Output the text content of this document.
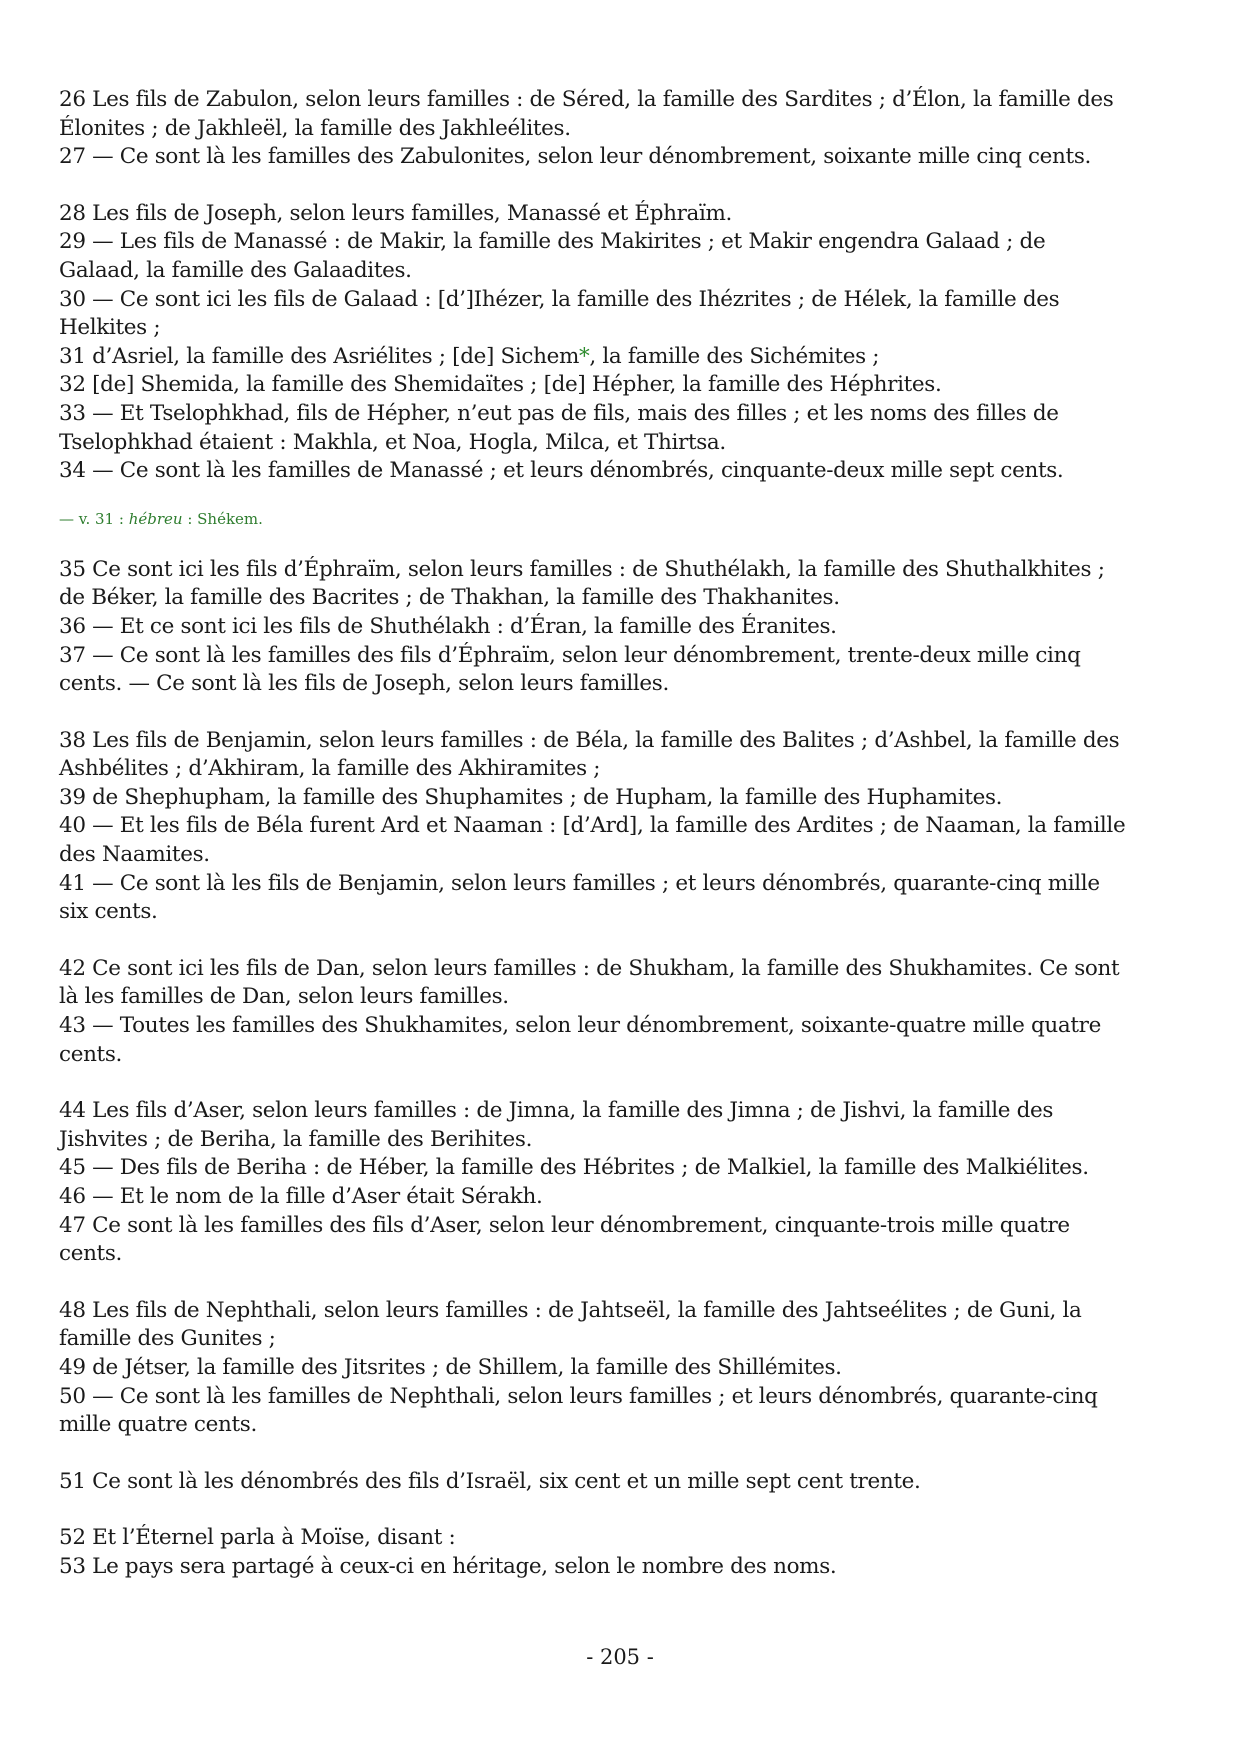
26 Les fils de Zabulon, selon leurs familles : de Séred, la famille des Sardites ; d’Élon, la famille des
Élonites ; de Jakhleël, la famille des Jakhleélites.
27 — Ce sont là les familles des Zabulonites, selon leur dénombrement, soixante mille cinq cents.
28 Les fils de Joseph, selon leurs familles, Manassé et Éphraïm.
29 — Les fils de Manassé : de Makir, la famille des Makirites ; et Makir engendra Galaad ; de
Galaad, la famille des Galaadites.
30 — Ce sont ici les fils de Galaad : [d’]Ihézer, la famille des Ihézrites ; de Hélek, la famille des
Helkites ;
31 d’Asriel, la famille des Asriélites ; [de] Sichem*, la famille des Sichémites ;
32 [de] Shemida, la famille des Shemidaïtes ; [de] Hépher, la famille des Héphrites.
33 — Et Tselophkhad, fils de Hépher, n’eut pas de fils, mais des filles ; et les noms des filles de
Tselophkhad étaient : Makhla, et Noa, Hogla, Milca, et Thirtsa.
34 — Ce sont là les familles de Manassé ; et leurs dénombrés, cinquante-deux mille sept cents.
— v. 31 : hébreu : Shékem.
35 Ce sont ici les fils d’Éphraïm, selon leurs familles : de Shuthélakh, la famille des Shuthalkhites ;
de Béker, la famille des Bacrites ; de Thakhan, la famille des Thakhanites.
36 — Et ce sont ici les fils de Shuthélakh : d’Éran, la famille des Éranites.
37 — Ce sont là les familles des fils d’Éphraïm, selon leur dénombrement, trente-deux mille cinq
cents. — Ce sont là les fils de Joseph, selon leurs familles.
38 Les fils de Benjamin, selon leurs familles : de Béla, la famille des Balites ; d’Ashbel, la famille des
Ashbélites ; d’Akhiram, la famille des Akhiramites ;
39 de Shephupham, la famille des Shuphamites ; de Hupham, la famille des Huphamites.
40 — Et les fils de Béla furent Ard et Naaman : [d’Ard], la famille des Ardites ; de Naaman, la famille
des Naamites.
41 — Ce sont là les fils de Benjamin, selon leurs familles ; et leurs dénombrés, quarante-cinq mille
six cents.
42 Ce sont ici les fils de Dan, selon leurs familles : de Shukham, la famille des Shukhamites. Ce sont
là les familles de Dan, selon leurs familles.
43 — Toutes les familles des Shukhamites, selon leur dénombrement, soixante-quatre mille quatre
cents.
44 Les fils d’Aser, selon leurs familles : de Jimna, la famille des Jimna ; de Jishvi, la famille des
Jishvites ; de Beriha, la famille des Berihites.
45 — Des fils de Beriha : de Héber, la famille des Hébrites ; de Malkiel, la famille des Malkiélites.
46 — Et le nom de la fille d’Aser était Sérakh.
47 Ce sont là les familles des fils d’Aser, selon leur dénombrement, cinquante-trois mille quatre
cents.
48 Les fils de Nephthali, selon leurs familles : de Jahtseël, la famille des Jahtseélites ; de Guni, la
famille des Gunites ;
49 de Jétser, la famille des Jitsrites ; de Shillem, la famille des Shillémites.
50 — Ce sont là les familles de Nephthali, selon leurs familles ; et leurs dénombrés, quarante-cinq
mille quatre cents.
51 Ce sont là les dénombrés des fils d’Israël, six cent et un mille sept cent trente.
52 Et l’Éternel parla à Moïse, disant :
53 Le pays sera partagé à ceux-ci en héritage, selon le nombre des noms.
- 205 -
